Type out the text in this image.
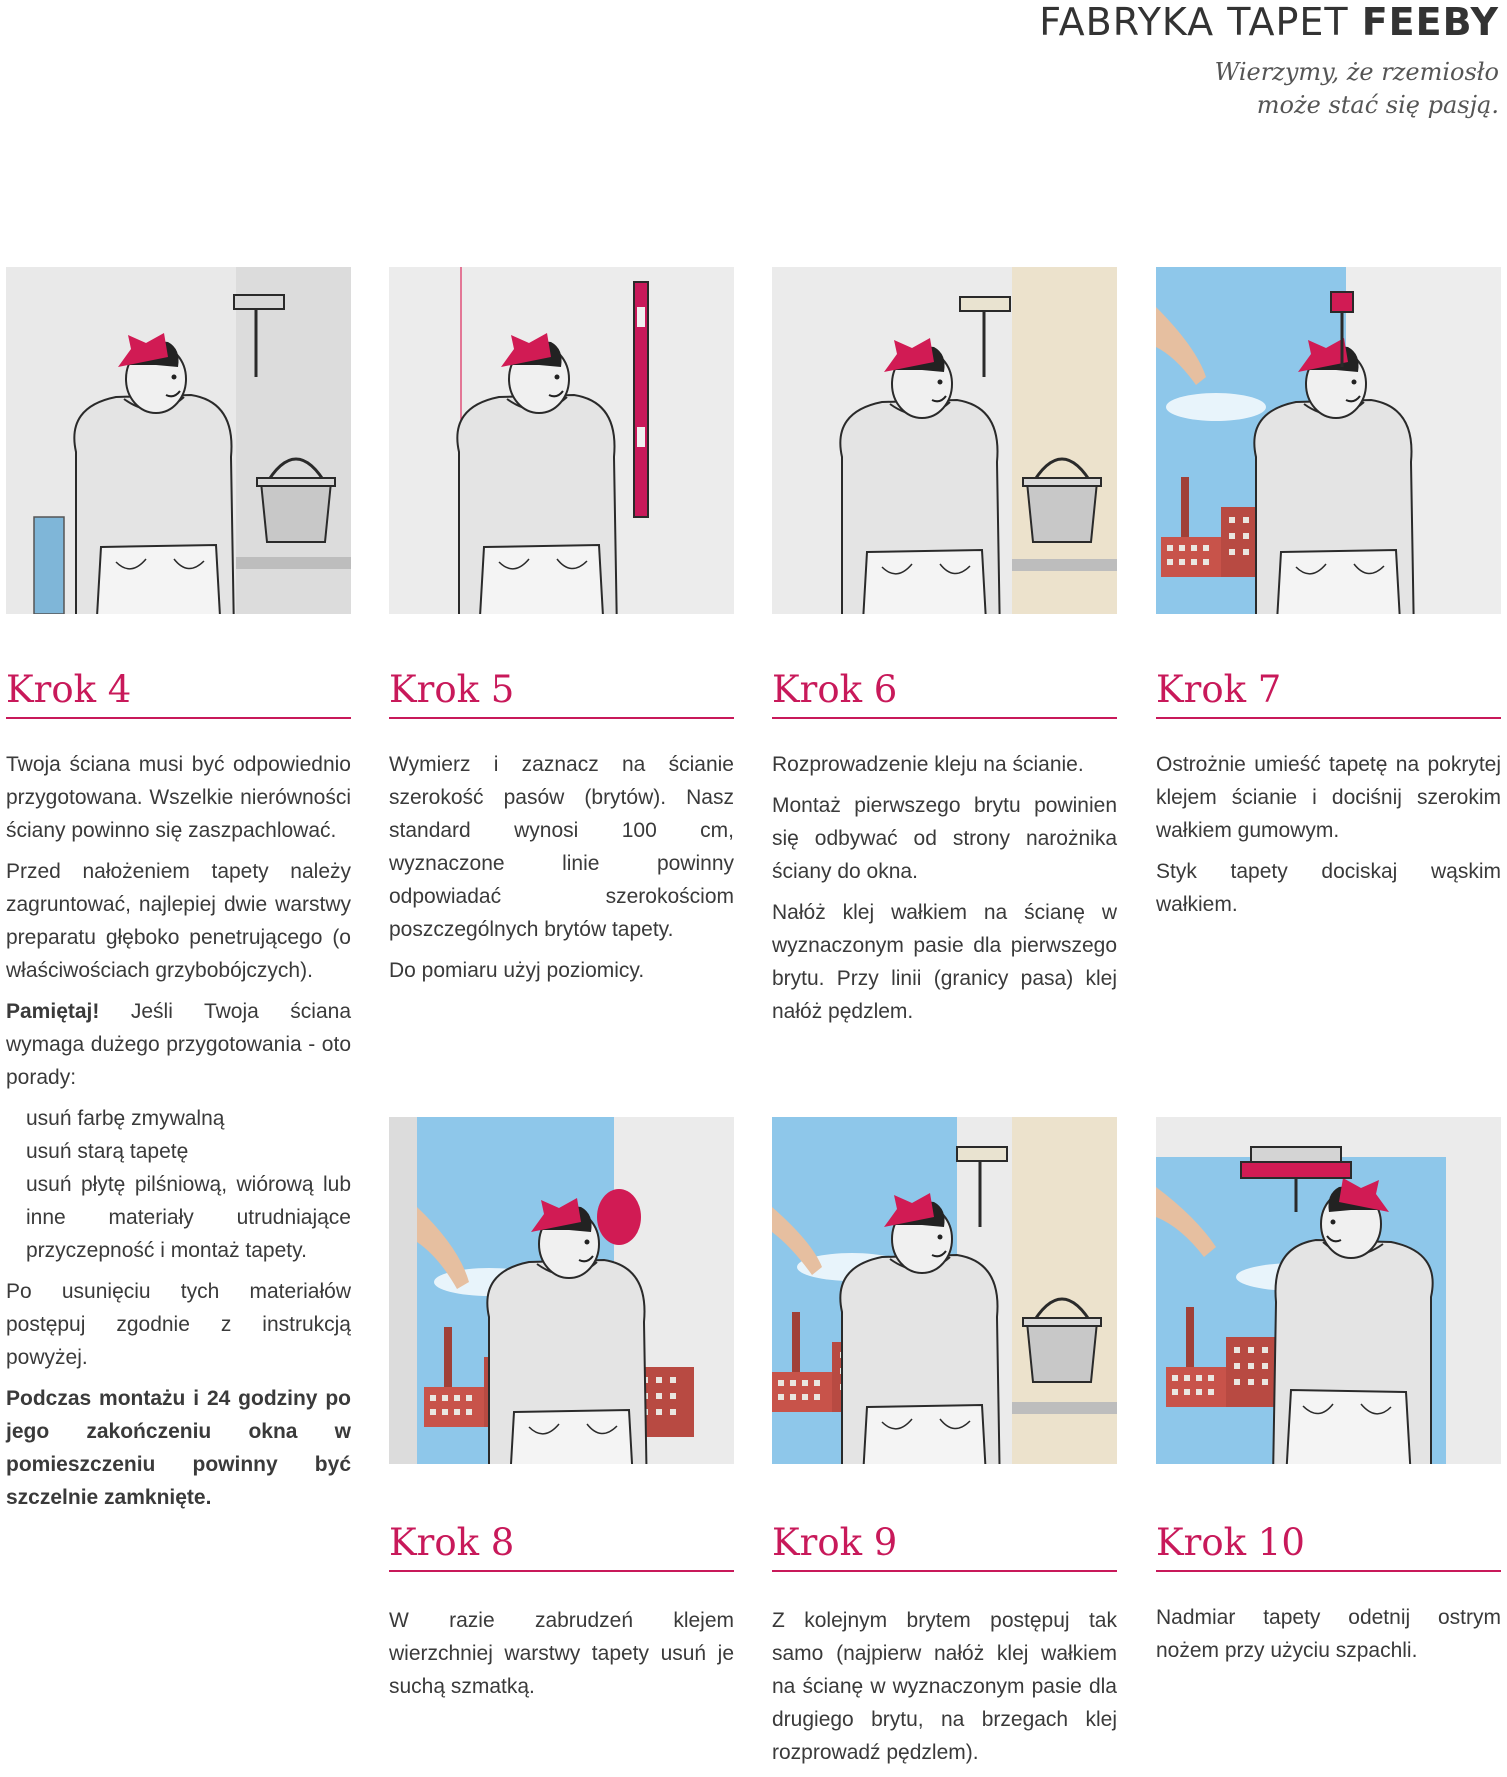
FABRYKA TAPET FEEBY
Wierzymy, że rzemiosło
może stać się pasją.
Krok 4	Krok 5	Krok 6	Krok 7

Twoja ściana musi być odpowiednio przygotowana. Wszelkie nierówności ściany powinno się zaszpachlować.

Przed nałożeniem tapety należy zagruntować, najlepiej dwie warstwy preparatu głęboko penetrującego (o właściwościach grzybobójczych).

Pamiętaj! Jeśli Twoja ściana wymaga dużego przygotowania - oto porady:

usuń farbę zmywalną
usuń starą tapetę
usuń płytę pilśniową, wiórową lub inne materiały utrudniające przyczepność i montaż tapety.

Po usunięciu tych materiałów postępuj zgodnie z instrukcją powyżej.

Podczas montażu i 24 godziny po jego zakończeniu okna w pomieszczeniu powinny być szczelnie zamknięte.

Wymierz i zaznacz na ścianie szerokość pasów (brytów). Nasz standard wynosi 100 cm, wyznaczone linie powinny odpowiadać szerokościom poszczególnych brytów tapety.

Do pomiaru użyj poziomicy.

Rozprowadzenie kleju na ścianie.

Montaż pierwszego brytu powinien się odbywać od strony narożnika ściany do okna.

Nałóż klej wałkiem na ścianę w wyznaczonym pasie dla pierwszego brytu. Przy linii (granicy pasa) klej nałóż pędzlem.

Ostrożnie umieść tapetę na pokrytej klejem ścianie i dociśnij szerokim wałkiem gumowym.

Styk tapety dociskaj wąskim wałkiem.

Krok 8	Krok 9	Krok 10

W razie zabrudzeń klejem wierzchniej warstwy tapety usuń je suchą szmatką.

Z kolejnym brytem postępuj tak samo (najpierw nałóż klej wałkiem na ścianę w wyznaczonym pasie dla drugiego brytu, na brzegach klej rozprowadź pędzlem).

Nadmiar tapety odetnij ostrym nożem przy użyciu szpachli.
